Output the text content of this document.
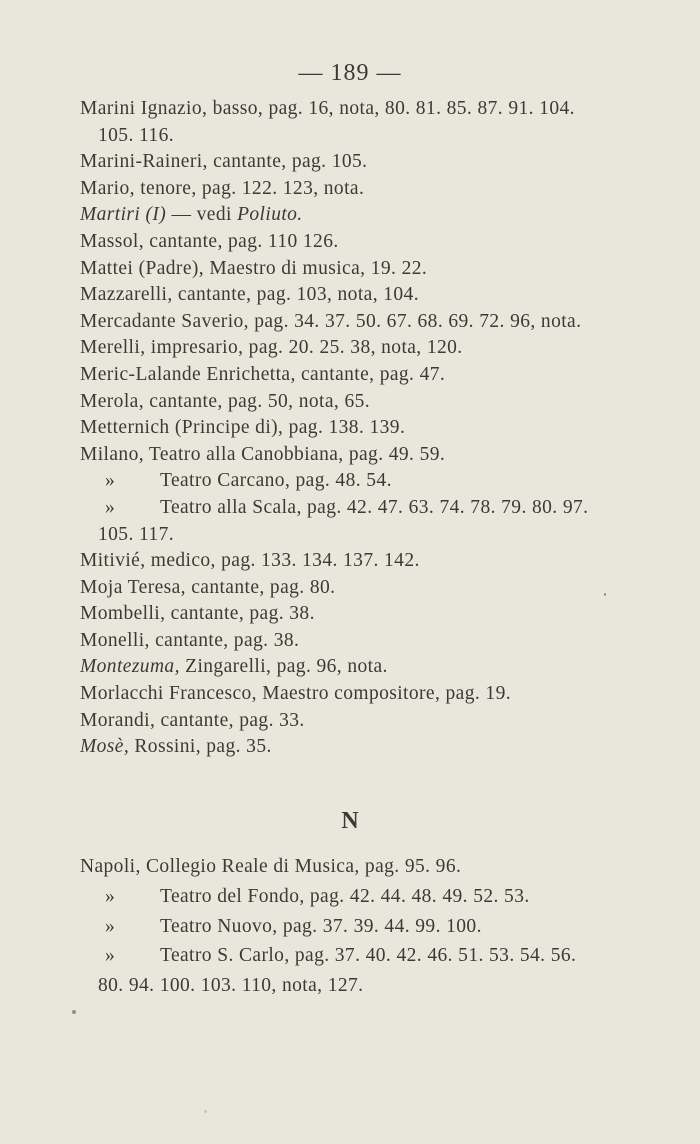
— 189 —
Marini Ignazio, basso, pag. 16, nota, 80. 81. 85. 87. 91. 104. 105. 116.
Marini-Raineri, cantante, pag. 105.
Mario, tenore, pag. 122. 123, nota.
Martiri (I) — vedi Poliuto.
Massol, cantante, pag. 110 126.
Mattei (Padre), Maestro di musica, 19. 22.
Mazzarelli, cantante, pag. 103, nota, 104.
Mercadante Saverio, pag. 34. 37. 50. 67. 68. 69. 72. 96, nota.
Merelli, impresario, pag. 20. 25. 38, nota, 120.
Meric-Lalande Enrichetta, cantante, pag. 47.
Merola, cantante, pag. 50, nota, 65.
Metternich (Principe di), pag. 138. 139.
Milano, Teatro alla Canobbiana, pag. 49. 59.
» Teatro Carcano, pag. 48. 54.
» Teatro alla Scala, pag. 42. 47. 63. 74. 78. 79. 80. 97. 105. 117.
Mitivié, medico, pag. 133. 134. 137. 142.
Moja Teresa, cantante, pag. 80.
Mombelli, cantante, pag. 38.
Monelli, cantante, pag. 38.
Montezuma, Zingarelli, pag. 96, nota.
Morlacchi Francesco, Maestro compositore, pag. 19.
Morandi, cantante, pag. 33.
Mosè, Rossini, pag. 35.
N
Napoli, Collegio Reale di Musica, pag. 95. 96.
» Teatro del Fondo, pag. 42. 44. 48. 49. 52. 53.
» Teatro Nuovo, pag. 37. 39. 44. 99. 100.
» Teatro S. Carlo, pag. 37. 40. 42. 46. 51. 53. 54. 56. 80. 94. 100. 103. 110, nota, 127.
